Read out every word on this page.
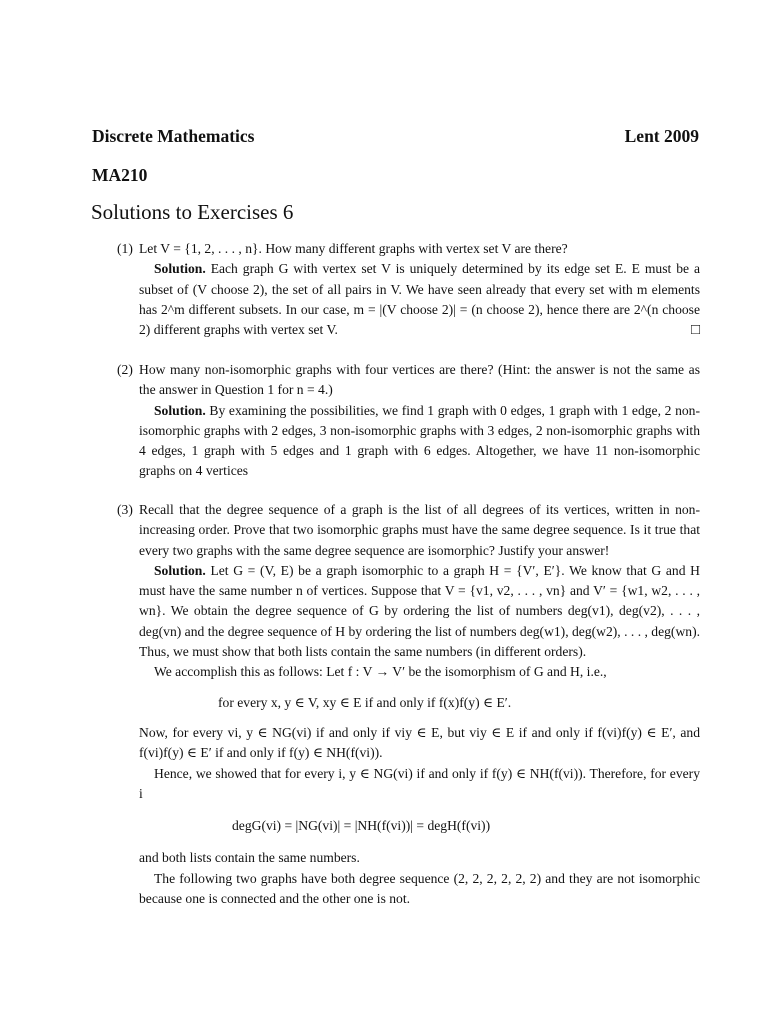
Discrete Mathematics	Lent 2009
MA210
Solutions to Exercises 6
(1) Let V = {1, 2, . . . , n}. How many different graphs with vertex set V are there?

Solution. Each graph G with vertex set V is uniquely determined by its edge set E. E must be a subset of (V choose 2), the set of all pairs in V. We have seen already that every set with m elements has 2^m different subsets. In our case, m = |(V choose 2)| = (n choose 2), hence there are 2^(n choose 2) different graphs with vertex set V.	□

(2) How many non-isomorphic graphs with four vertices are there? (Hint: the answer is not the same as the answer in Question 1 for n = 4.)

Solution. By examining the possibilities, we find 1 graph with 0 edges, 1 graph with 1 edge, 2 non-isomorphic graphs with 2 edges, 3 non-isomorphic graphs with 3 edges, 2 non-isomorphic graphs with 4 edges, 1 graph with 5 edges and 1 graph with 6 edges. Altogether, we have 11 non-isomorphic graphs on 4 vertices

(3) Recall that the degree sequence of a graph is the list of all degrees of its vertices, written in non-increasing order. Prove that two isomorphic graphs must have the same degree sequence. Is it true that every two graphs with the same degree sequence are isomorphic? Justify your answer!

Solution. Let G = (V, E) be a graph isomorphic to a graph H = {V′, E′}. We know that G and H must have the same number n of vertices. Suppose that V = {v1, v2, . . . , vn} and V′ = {w1, w2, . . . , wn}. We obtain the degree sequence of G by ordering the list of numbers deg(v1), deg(v2), . . . , deg(vn) and the degree sequence of H by ordering the list of numbers deg(w1), deg(w2), . . . , deg(wn). Thus, we must show that both lists contain the same numbers (in different orders).

We accomplish this as follows: Let f : V → V′ be the isomorphism of G and H, i.e.,

for every x, y ∈ V, xy ∈ E if and only if f(x)f(y) ∈ E′.

Now, for every vi, y ∈ NG(vi) if and only if viy ∈ E, but viy ∈ E if and only if f(vi)f(y) ∈ E′, and f(vi)f(y) ∈ E′ if and only if f(y) ∈ NH(f(vi)).

Hence, we showed that for every i, y ∈ NG(vi) if and only if f(y) ∈ NH(f(vi)). Therefore, for every i

degG(vi) = |NG(vi)| = |NH(f(vi))| = degH(f(vi))

and both lists contain the same numbers.

The following two graphs have both degree sequence (2, 2, 2, 2, 2, 2) and they are not isomorphic because one is connected and the other one is not.
